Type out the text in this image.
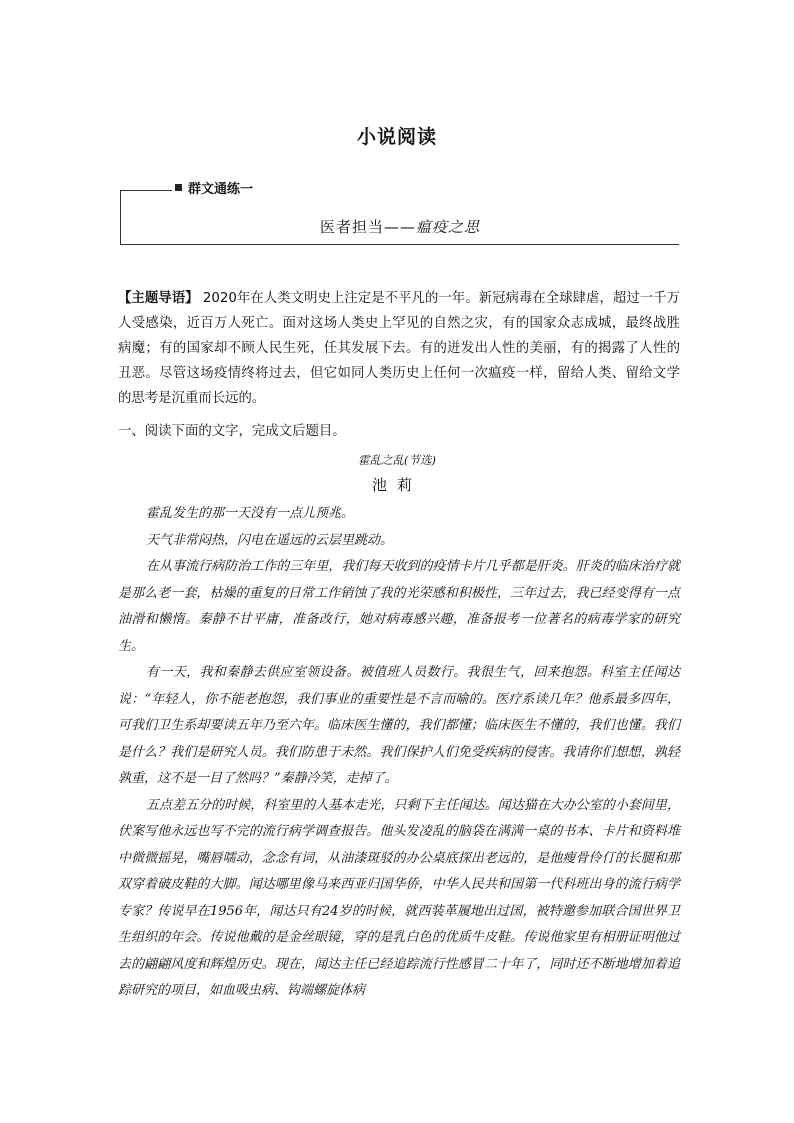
小说阅读
群文通练一
医者担当——瘟疫之思
【主题导语】 2020年在人类文明史上注定是不平凡的一年。新冠病毒在全球肆虐，超过一千万人受感染，近百万人死亡。面对这场人类史上罕见的自然之灾，有的国家众志成城，最终战胜病魔；有的国家却不顾人民生死，任其发展下去。有的迸发出人性的美丽，有的揭露了人性的丑恶。尽管这场疫情终将过去，但它如同人类历史上任何一次瘟疫一样，留给人类、留给文学的思考是沉重而长远的。
一、阅读下面的文字，完成文后题目。
霍乱之乱(节选)
池莉

霍乱发生的那一天没有一点儿预兆。

天气非常闷热，闪电在遥远的云层里跳动。

在从事流行病防治工作的三年里，我们每天收到的疫情卡片几乎都是肝炎。肝炎的临床治疗就是那么老一套，枯燥的重复的日常工作销蚀了我的光荣感和积极性，三年过去，我已经变得有一点油滑和懒惰。秦静不甘平庸，准备改行，她对病毒感兴趣，准备报考一位著名的病毒学家的研究生。

有一天，我和秦静去供应室领设备。被值班人员数行。我很生气，回来抱怨。科室主任闻达说：“年轻人，你不能老抱怨，我们事业的重要性是不言而喻的。医疗系读几年？他系最多四年，可我们卫生系却要读五年乃至六年。临床医生懂的，我们都懂；临床医生不懂的，我们也懂。我们是什么？我们是研究人员。我们防患于未然。我们保护人们免受疾病的侵害。我请你们想想，孰轻孰重，这不是一目了然吗？”秦静冷笑，走掉了。

五点差五分的时候，科室里的人基本走光，只剩下主任闻达。闻达猫在大办公室的小套间里，伏案写他永远也写不完的流行病学调查报告。他头发凌乱的脑袋在满满一桌的书本、卡片和资料堆中微微摇晃，嘴唇嚅动，念念有词，从油漆斑驳的办公桌底探出老远的，是他瘦骨伶仃的长腿和那双穿着破皮鞋的大脚。闻达哪里像马来西亚归国华侨，中华人民共和国第一代科班出身的流行病学专家？传说早在1956年，闻达只有24岁的时候，就西装革履地出过国，被特邀参加联合国世界卫生组织的年会。传说他戴的是金丝眼镜，穿的是乳白色的优质牛皮鞋。传说他家里有相册证明他过去的翩翩风度和辉煌历史。现在，闻达主任已经追踪流行性感冒二十年了，同时还不断地增加着追踪研究的项目，如血吸虫病、钩端螺旋体病
